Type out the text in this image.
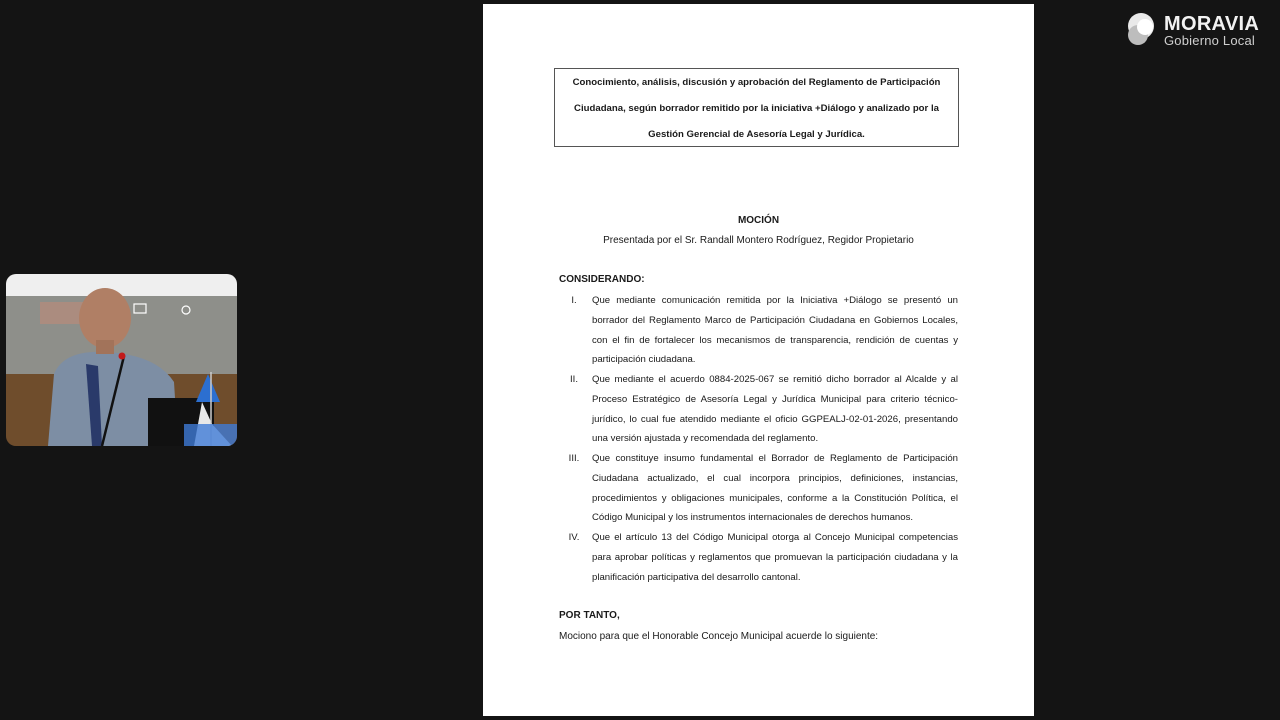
MORAVIA
Gobierno Local
Conocimiento, análisis, discusión y aprobación del Reglamento de Participación Ciudadana, según borrador remitido por la iniciativa +Diálogo y analizado por la Gestión Gerencial de Asesoría Legal y Jurídica.
MOCIÓN
Presentada por el Sr. Randall Montero Rodríguez, Regidor Propietario
CONSIDERANDO:
I.	Que mediante comunicación remitida por la Iniciativa +Diálogo se presentó un borrador del Reglamento Marco de Participación Ciudadana en Gobiernos Locales, con el fin de fortalecer los mecanismos de transparencia, rendición de cuentas y participación ciudadana.
II.	Que mediante el acuerdo 0884-2025-067 se remitió dicho borrador al Alcalde y al Proceso Estratégico de Asesoría Legal y Jurídica Municipal para criterio técnico-jurídico, lo cual fue atendido mediante el oficio GGPEALJ-02-01-2026, presentando una versión ajustada y recomendada del reglamento.
III.	Que constituye insumo fundamental el Borrador de Reglamento de Participación Ciudadana actualizado, el cual incorpora principios, definiciones, instancias, procedimientos y obligaciones municipales, conforme a la Constitución Política, el Código Municipal y los instrumentos internacionales de derechos humanos.
IV.	Que el artículo 13 del Código Municipal otorga al Concejo Municipal competencias para aprobar políticas y reglamentos que promuevan la participación ciudadana y la planificación participativa del desarrollo cantonal.
POR TANTO,
Mociono para que el Honorable Concejo Municipal acuerde lo siguiente:
